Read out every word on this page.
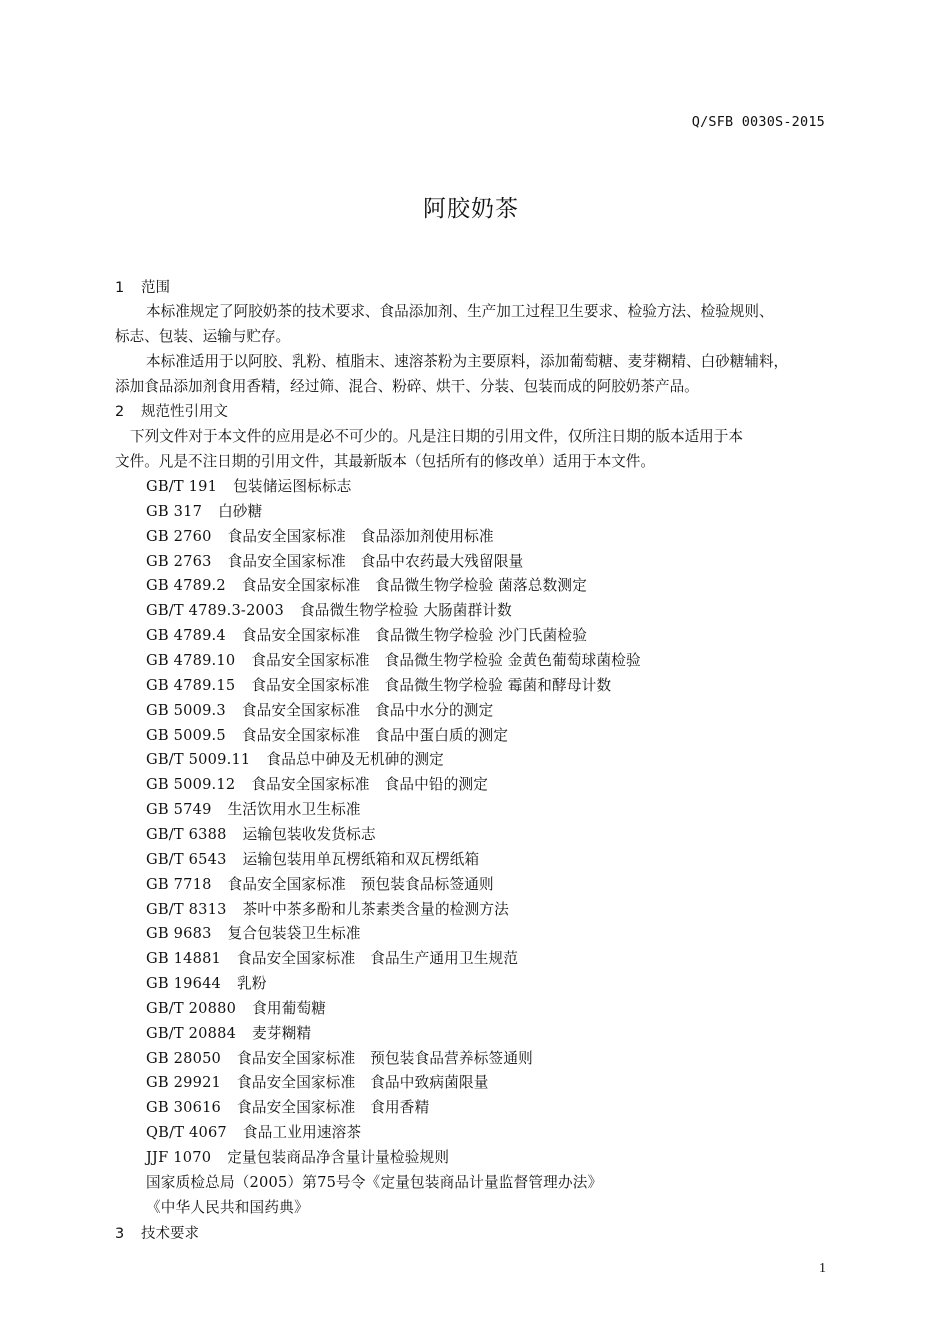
Q/SFB 0030S-2015
阿胶奶茶
1 范围
本标准规定了阿胶奶茶的技术要求、食品添加剂、生产加工过程卫生要求、检验方法、检验规则、
标志、包装、运输与贮存。
本标准适用于以阿胶、乳粉、植脂末、速溶茶粉为主要原料，添加葡萄糖、麦芽糊精、白砂糖辅料，
添加食品添加剂食用香精，经过筛、混合、粉碎、烘干、分装、包装而成的阿胶奶茶产品。
2 规范性引用文
下列文件对于本文件的应用是必不可少的。凡是注日期的引用文件，仅所注日期的版本适用于本
文件。凡是不注日期的引用文件，其最新版本（包括所有的修改单）适用于本文件。
GB/T 191 包装储运图标标志
GB 317 白砂糖
GB 2760 食品安全国家标准　食品添加剂使用标准
GB 2763 食品安全国家标准　食品中农药最大残留限量
GB 4789.2 食品安全国家标准　食品微生物学检验 菌落总数测定
GB/T 4789.3-2003 食品微生物学检验 大肠菌群计数
GB 4789.4 食品安全国家标准　食品微生物学检验 沙门氏菌检验
GB 4789.10 食品安全国家标准　食品微生物学检验 金黄色葡萄球菌检验
GB 4789.15 食品安全国家标准　食品微生物学检验 霉菌和酵母计数
GB 5009.3 食品安全国家标准　食品中水分的测定
GB 5009.5 食品安全国家标准　食品中蛋白质的测定
GB/T 5009.11 食品总中砷及无机砷的测定
GB 5009.12 食品安全国家标准　食品中铅的测定
GB 5749 生活饮用水卫生标准
GB/T 6388 运输包装收发货标志
GB/T 6543 运输包装用单瓦楞纸箱和双瓦楞纸箱
GB 7718 食品安全国家标准　预包装食品标签通则
GB/T 8313 茶叶中茶多酚和儿茶素类含量的检测方法
GB 9683 复合包装袋卫生标准
GB 14881 食品安全国家标准　食品生产通用卫生规范
GB 19644 乳粉
GB/T 20880 食用葡萄糖
GB/T 20884 麦芽糊精
GB 28050 食品安全国家标准　预包装食品营养标签通则
GB 29921 食品安全国家标准　食品中致病菌限量
GB 30616 食品安全国家标准　食用香精
QB/T 4067 食品工业用速溶茶
JJF 1070 定量包装商品净含量计量检验规则
国家质检总局（2005）第75号令《定量包装商品计量监督管理办法》
《中华人民共和国药典》
3 技术要求
1
